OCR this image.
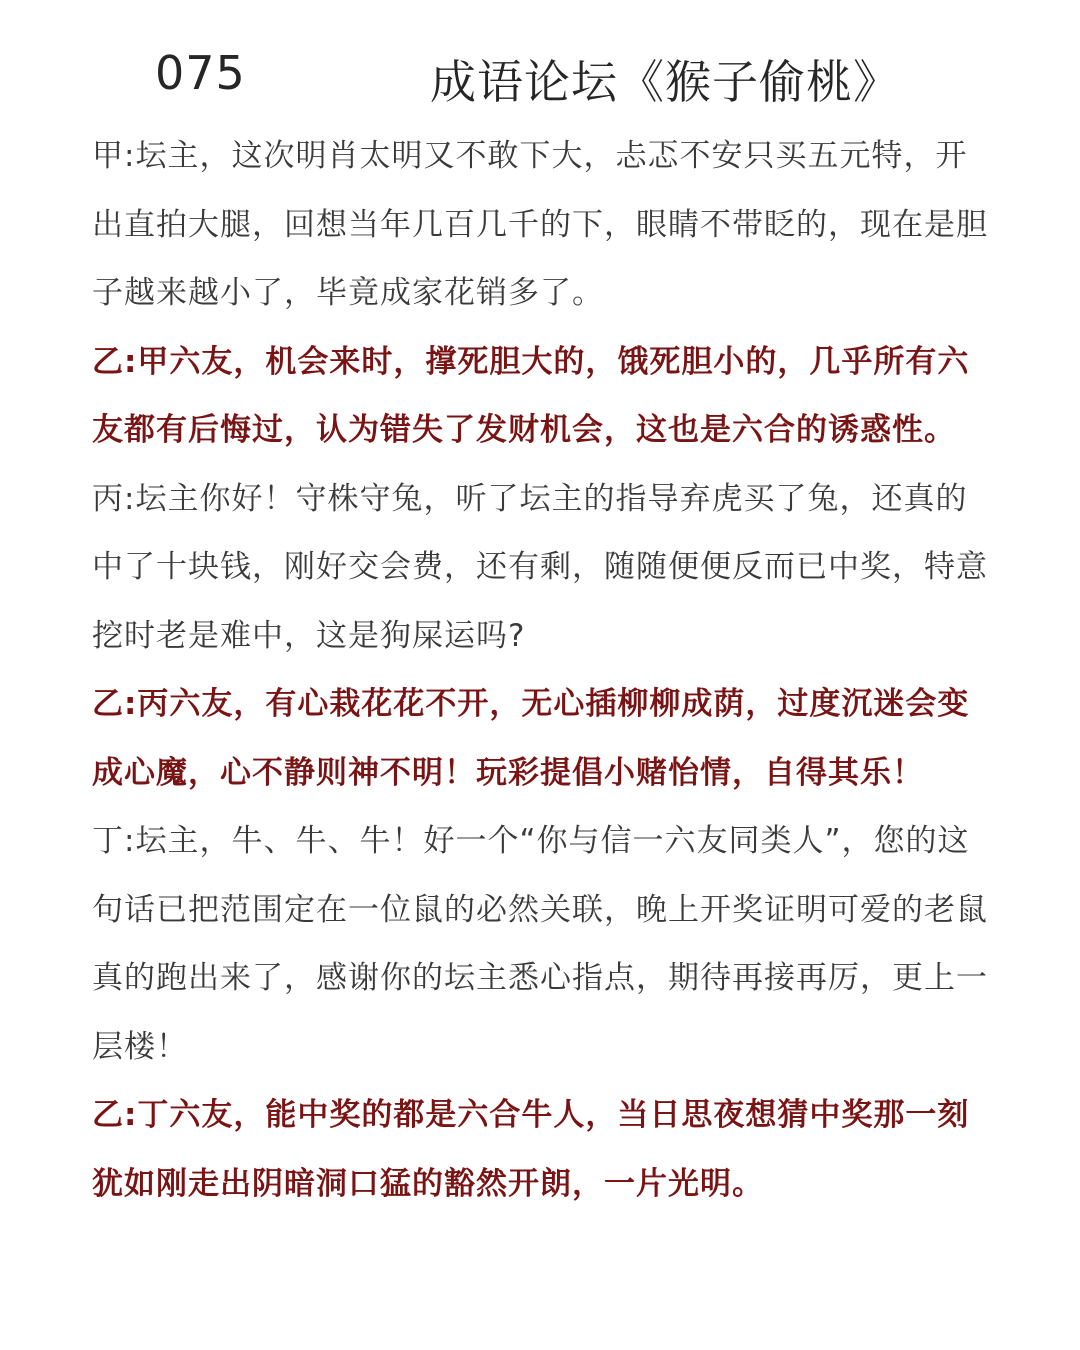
075	成语论坛《猴子偷桃》

甲:坛主，这次明肖太明又不敢下大，忐忑不安只买五元特，开出直拍大腿，回想当年几百几千的下，眼睛不带眨的，现在是胆子越来越小了，毕竟成家花销多了。

乙:甲六友，机会来时，撑死胆大的，饿死胆小的，几乎所有六友都有后悔过，认为错失了发财机会，这也是六合的诱惑性。

丙:坛主你好！守株守兔，听了坛主的指导弃虎买了兔，还真的中了十块钱，刚好交会费，还有剩，随随便便反而已中奖，特意挖时老是难中，这是狗屎运吗?

乙:丙六友，有心栽花花不开，无心插柳柳成荫，过度沉迷会变成心魔，心不静则神不明！玩彩提倡小赌怡情，自得其乐！

丁:坛主，牛、牛、牛！好一个“你与信一六友同类人”，您的这句话已把范围定在一位鼠的必然关联，晚上开奖证明可爱的老鼠真的跑出来了，感谢你的坛主悉心指点，期待再接再厉，更上一层楼！

乙:丁六友，能中奖的都是六合牛人，当日思夜想猜中奖那一刻犹如刚走出阴暗洞口猛的豁然开朗，一片光明。
